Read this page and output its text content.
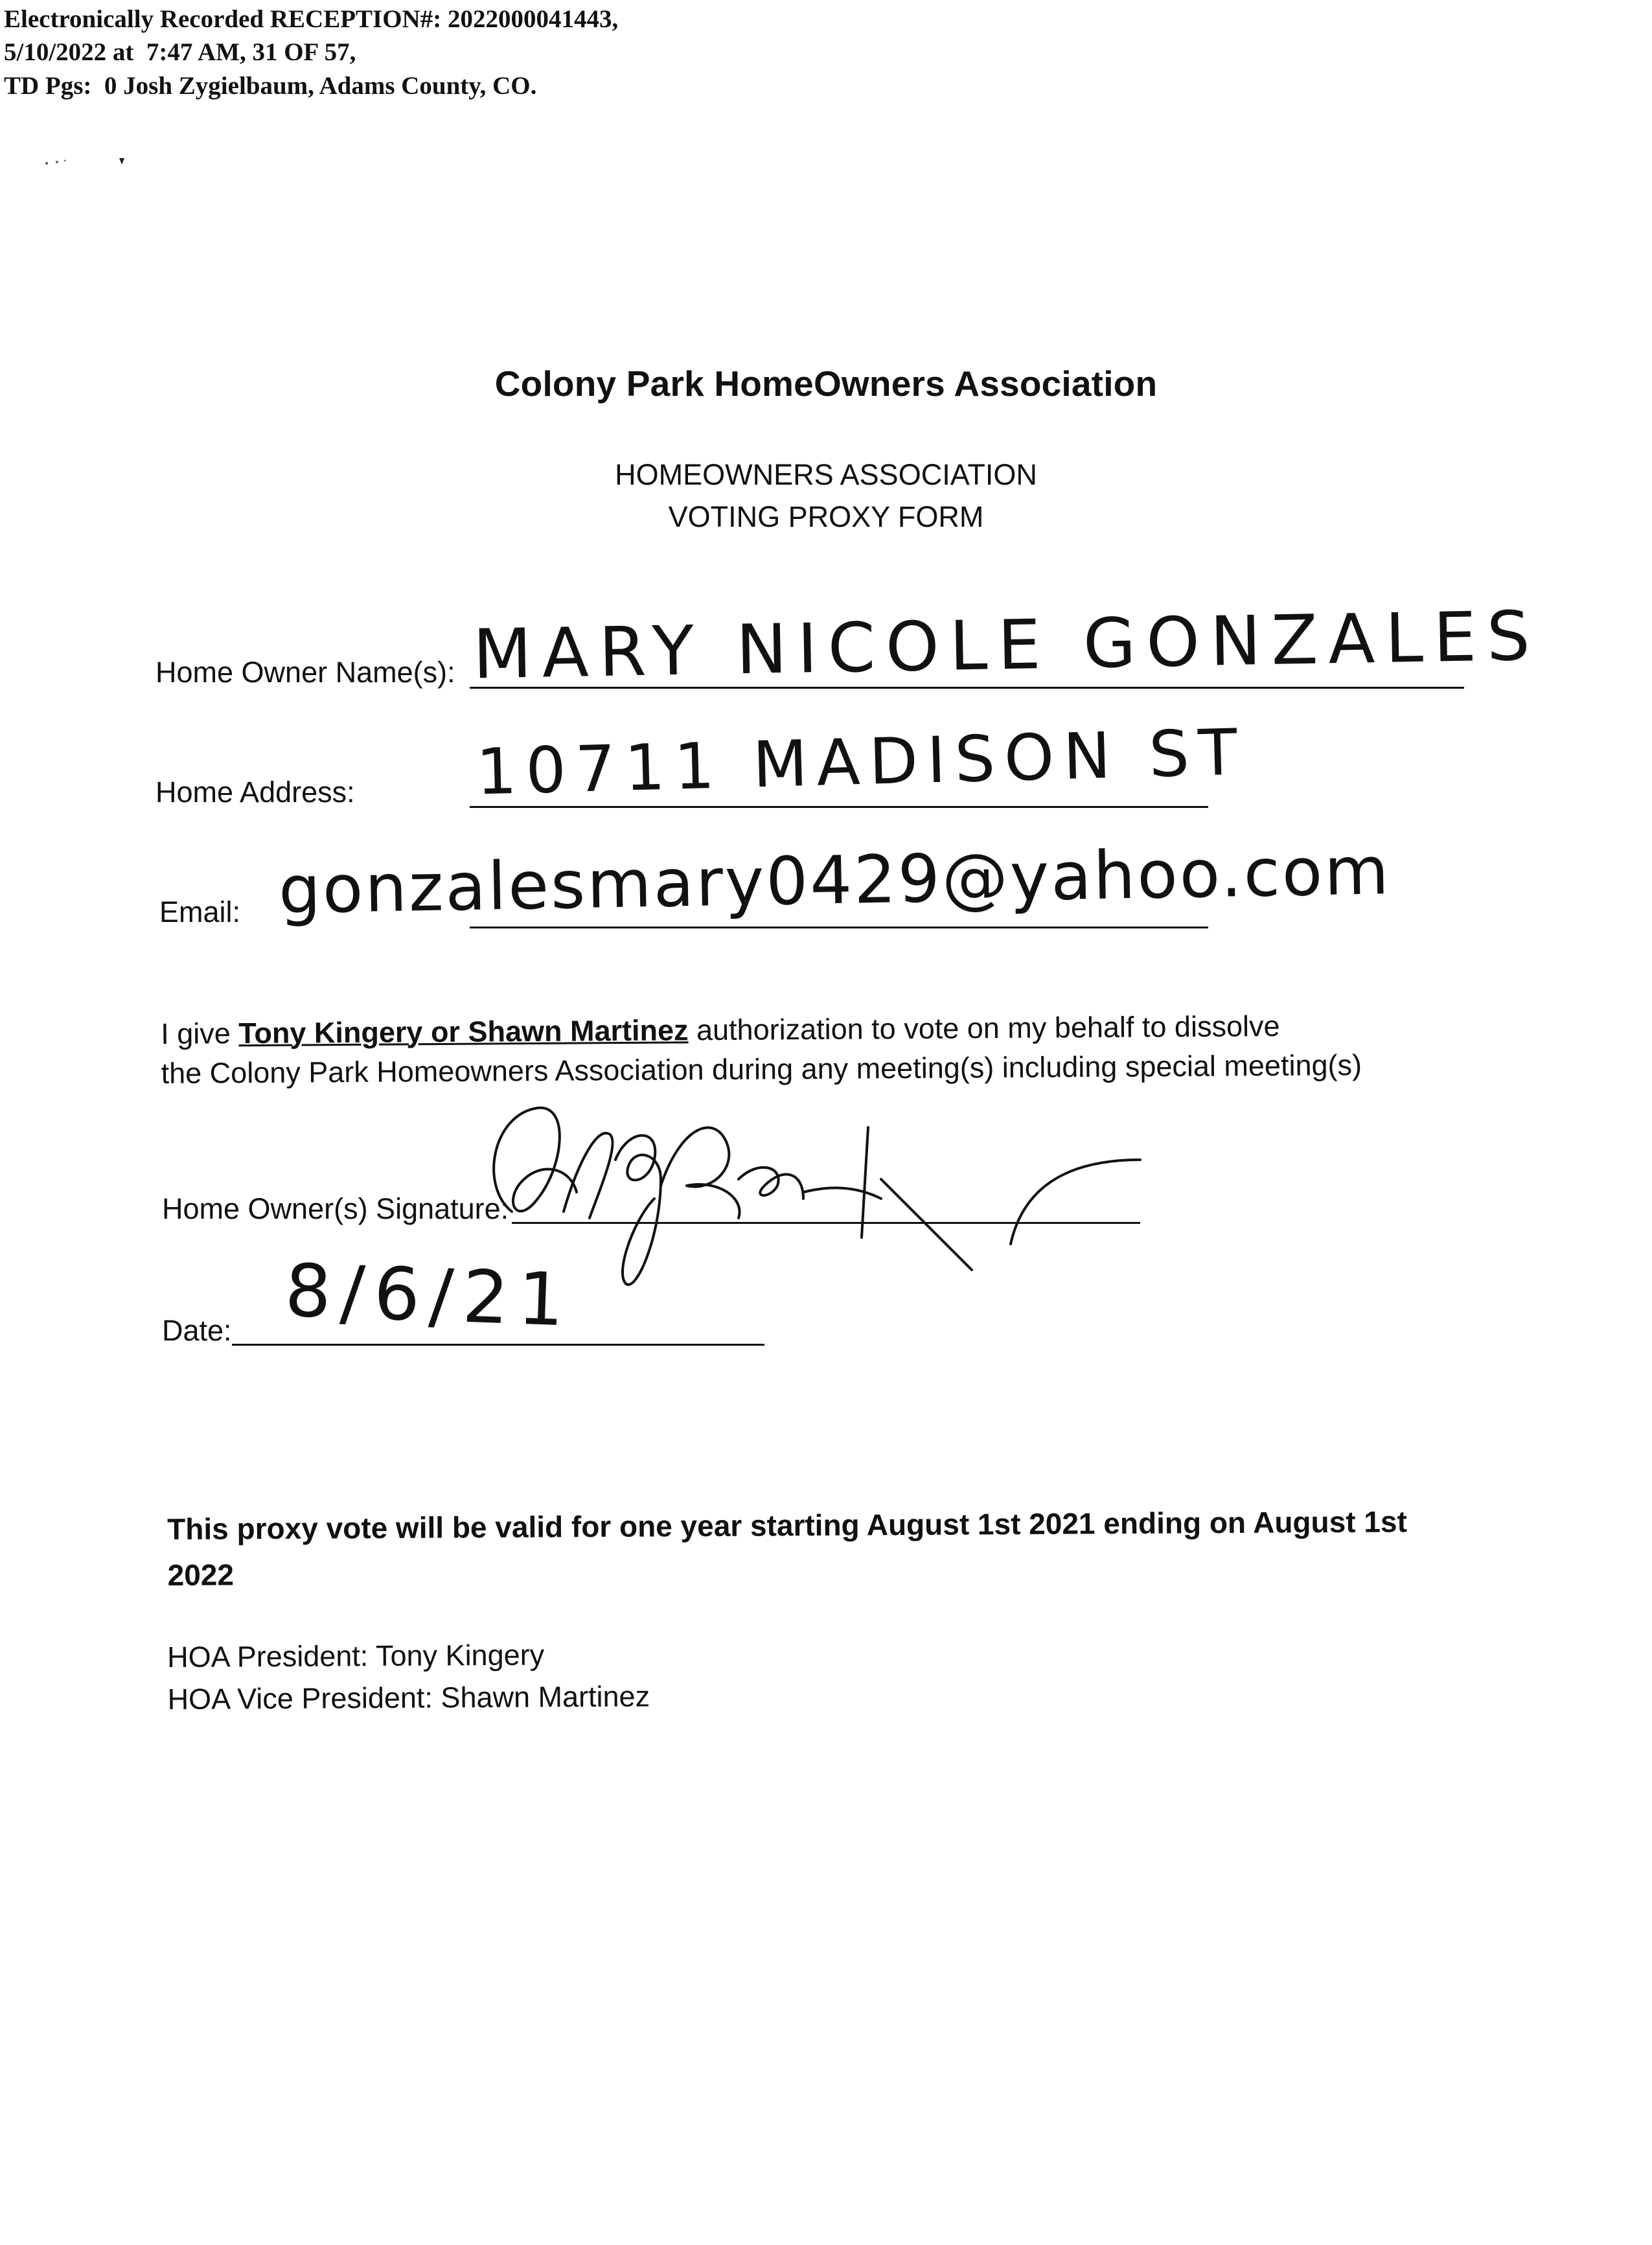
Electronically Recorded RECEPTION#: 2022000041443,
5/10/2022 at  7:47 AM, 31 OF 57,
TD Pgs:  0 Josh Zygielbaum, Adams County, CO.
Colony Park HomeOwners Association
HOMEOWNERS ASSOCIATION
VOTING PROXY FORM
Home Owner Name(s): MARY NICOLE GONZALES
Home Address: 10711 MADISON ST
Email: gonzalesmary0429@yahoo.com
I give Tony Kingery or Shawn Martinez authorization to vote on my behalf to dissolve
the Colony Park Homeowners Association during any meeting(s) including special meeting(s)
Home Owner(s) Signature:
Date: 8/6/21
This proxy vote will be valid for one year starting August 1st 2021 ending on August 1st 2022
HOA President: Tony Kingery
HOA Vice President: Shawn Martinez
